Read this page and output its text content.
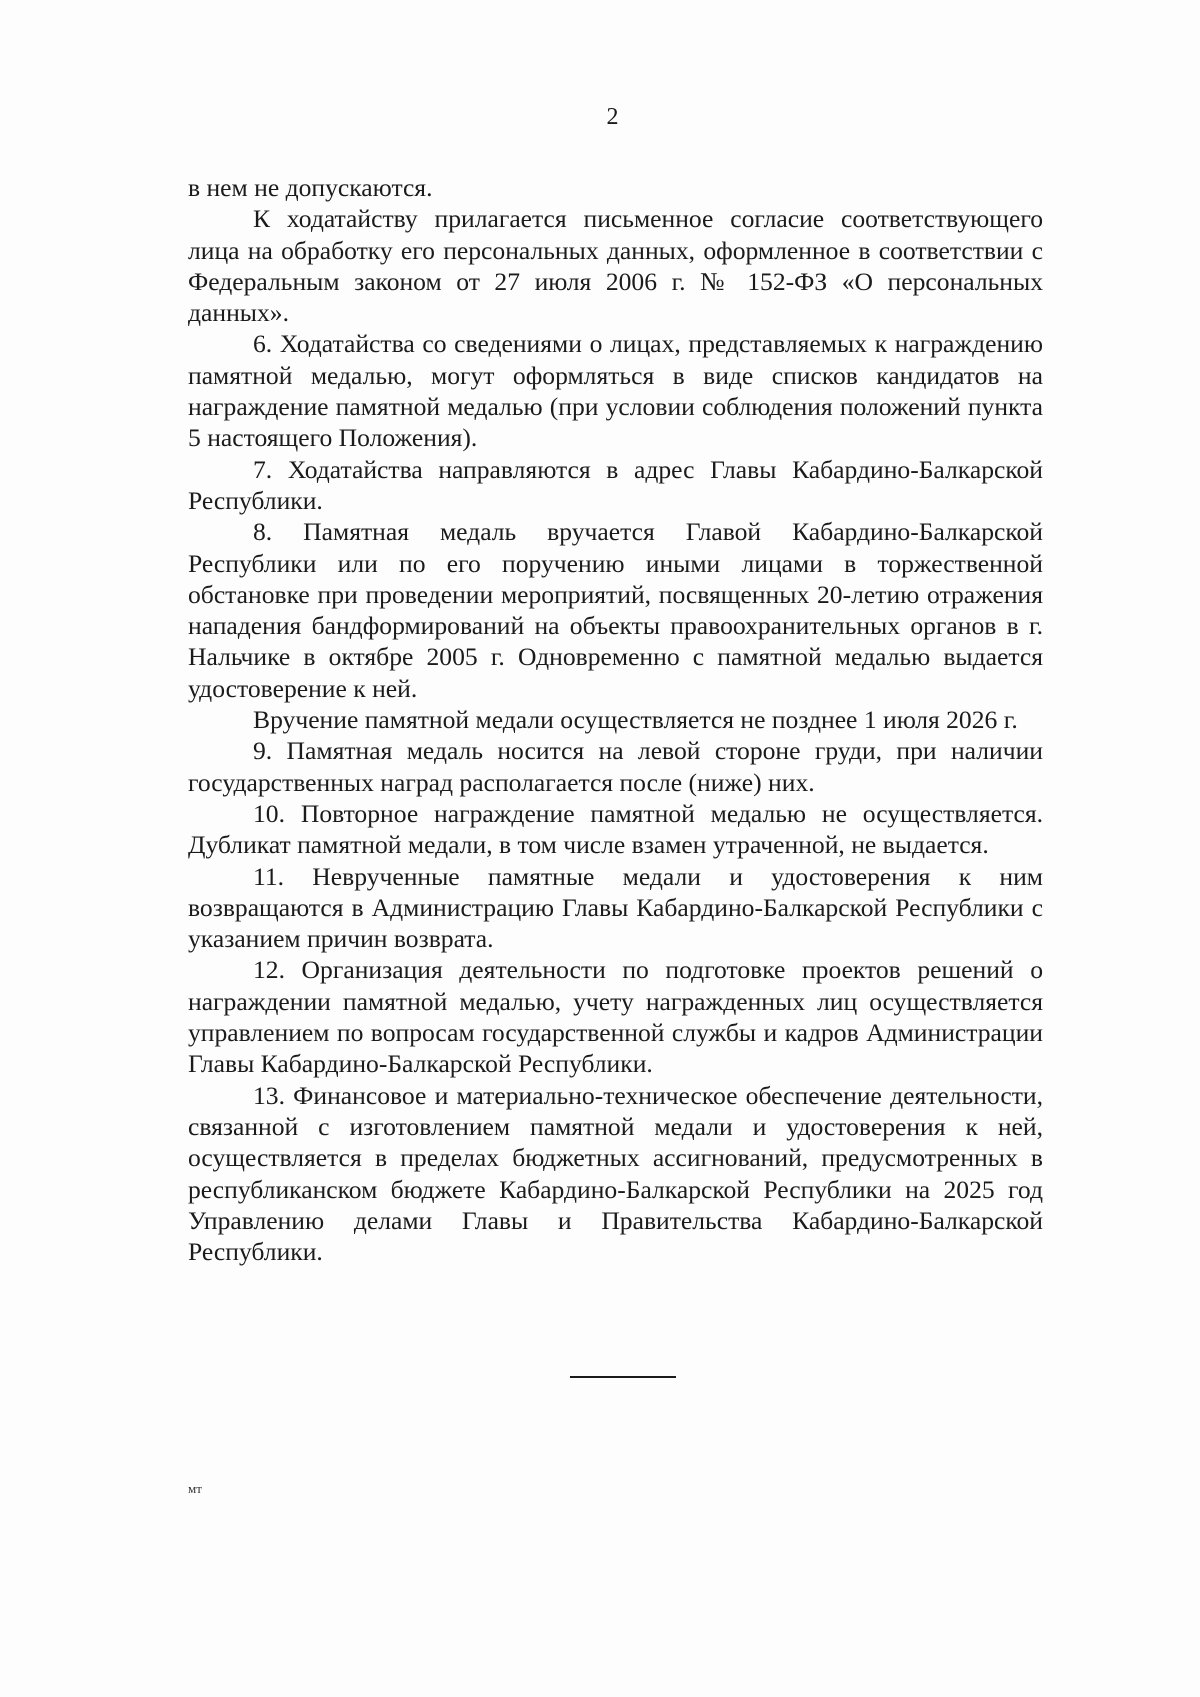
2

в нем не допускаются.

К ходатайству прилагается письменное согласие соответствующего лица на обработку его персональных данных, оформленное в соответствии с Федеральным законом от 27 июля 2006 г. № 152-ФЗ «О персональных данных».

6. Ходатайства со сведениями о лицах, представляемых к награждению памятной медалью, могут оформляться в виде списков кандидатов на награждение памятной медалью (при условии соблюдения положений пункта 5 настоящего Положения).

7. Ходатайства направляются в адрес Главы Кабардино-Балкарской Республики.

8. Памятная медаль вручается Главой Кабардино-Балкарской Республики или по его поручению иными лицами в торжественной обстановке при проведении мероприятий, посвященных 20-летию отражения нападения бандформирований на объекты правоохранительных органов в г. Нальчике в октябре 2005 г. Одновременно с памятной медалью выдается удостоверение к ней.

Вручение памятной медали осуществляется не позднее 1 июля 2026 г.

9. Памятная медаль носится на левой стороне груди, при наличии государственных наград располагается после (ниже) них.

10. Повторное награждение памятной медалью не осуществляется. Дубликат памятной медали, в том числе взамен утраченной, не выдается.

11. Неврученные памятные медали и удостоверения к ним возвращаются в Администрацию Главы Кабардино-Балкарской Республики с указанием причин возврата.

12. Организация деятельности по подготовке проектов решений о награждении памятной медалью, учету награжденных лиц осуществляется управлением по вопросам государственной службы и кадров Администрации Главы Кабардино-Балкарской Республики.

13. Финансовое и материально-техническое обеспечение деятельности, связанной с изготовлением памятной медали и удостоверения к ней, осуществляется в пределах бюджетных ассигнований, предусмотренных в республиканском бюджете Кабардино-Балкарской Республики на 2025 год Управлению делами Главы и Правительства Кабардино-Балкарской Республики.

мт
